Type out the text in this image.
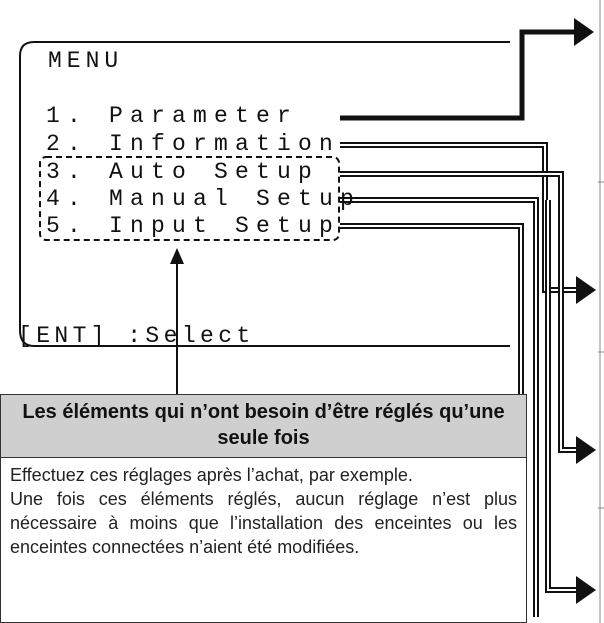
MENU
1. Parameter
2. Information
3. Auto Setup
4. Manual Setup
5. Input Setup
[ENT] :Select
Les éléments qui n’ont besoin d’être réglés qu’une seule fois

Effectuez ces réglages après l’achat, par exemple.

Une fois ces éléments réglés, aucun réglage n’est plus nécessaire à moins que l’installation des enceintes ou les enceintes connectées n’aient été modifiées.
